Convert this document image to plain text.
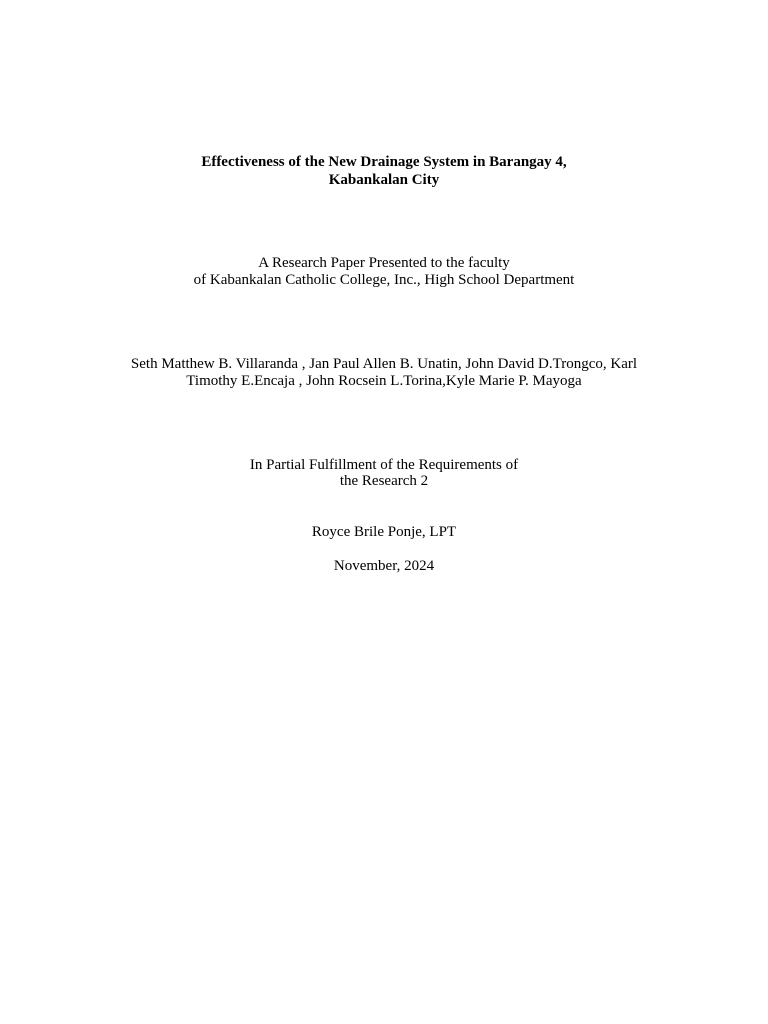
Effectiveness of the New Drainage System in Barangay 4,
Kabankalan City
A Research Paper Presented to the faculty
of Kabankalan Catholic College, Inc., High School Department
Seth Matthew B. Villaranda , Jan Paul Allen B. Unatin, John David D.Trongco, Karl
Timothy E.Encaja , John Rocsein L.Torina,Kyle Marie P. Mayoga
In Partial Fulfillment of the Requirements of
the Research 2
Royce Brile Ponje, LPT
November, 2024
